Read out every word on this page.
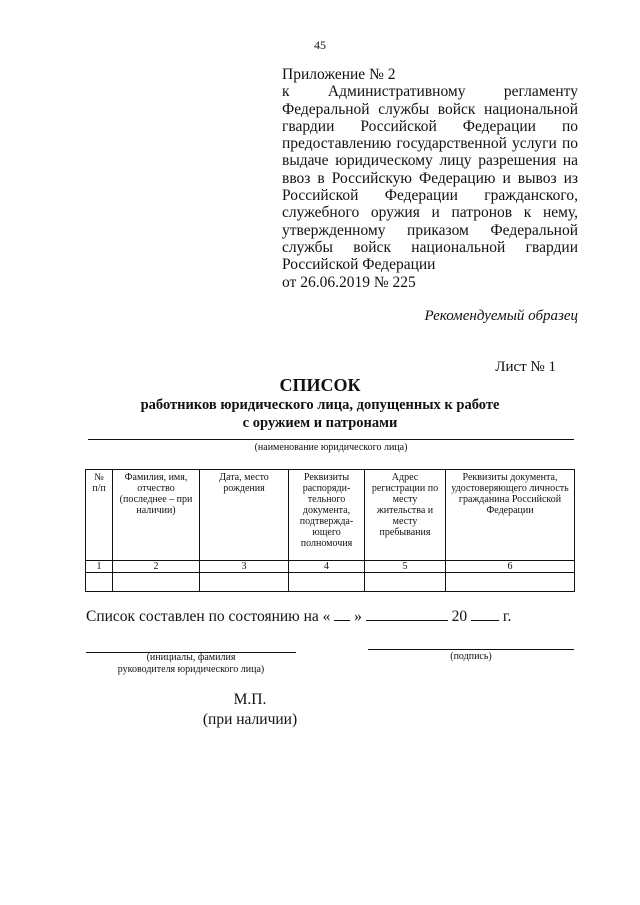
45
Приложение № 2
к Административному регламенту
Федеральной службы войск национальной
гвардии Российской Федерации по
предоставлению государственной услуги по
выдаче юридическому лицу разрешения на
ввоз в Российскую Федерацию и вывоз из
Российской Федерации гражданского,
служебного оружия и патронов к нему,
утвержденному приказом Федеральной
службы войск национальной гвардии
Российской Федерации
от 26.06.2019 № 225
Рекомендуемый образец
Лист № 1
СПИСОК
работников юридического лица, допущенных к работе
с оружием и патронами
(наименование юридического лица)
№ п/п	Фамилия, имя, отчество (последнее – при наличии)	Дата, место рождения	Реквизиты распоряди-тельного документа, подтвержда-ющего полномочия	Адрес регистрации по месту жительства и месту пребывания	Реквизиты документа, удостоверяющего личность гражданина Российской Федерации
1	2	3	4	5	6

Список составлен по состоянию на « »	20 г.
(инициалы, фамилия
руководителя юридического лица)
(подпись)
М.П.
(при наличии)
